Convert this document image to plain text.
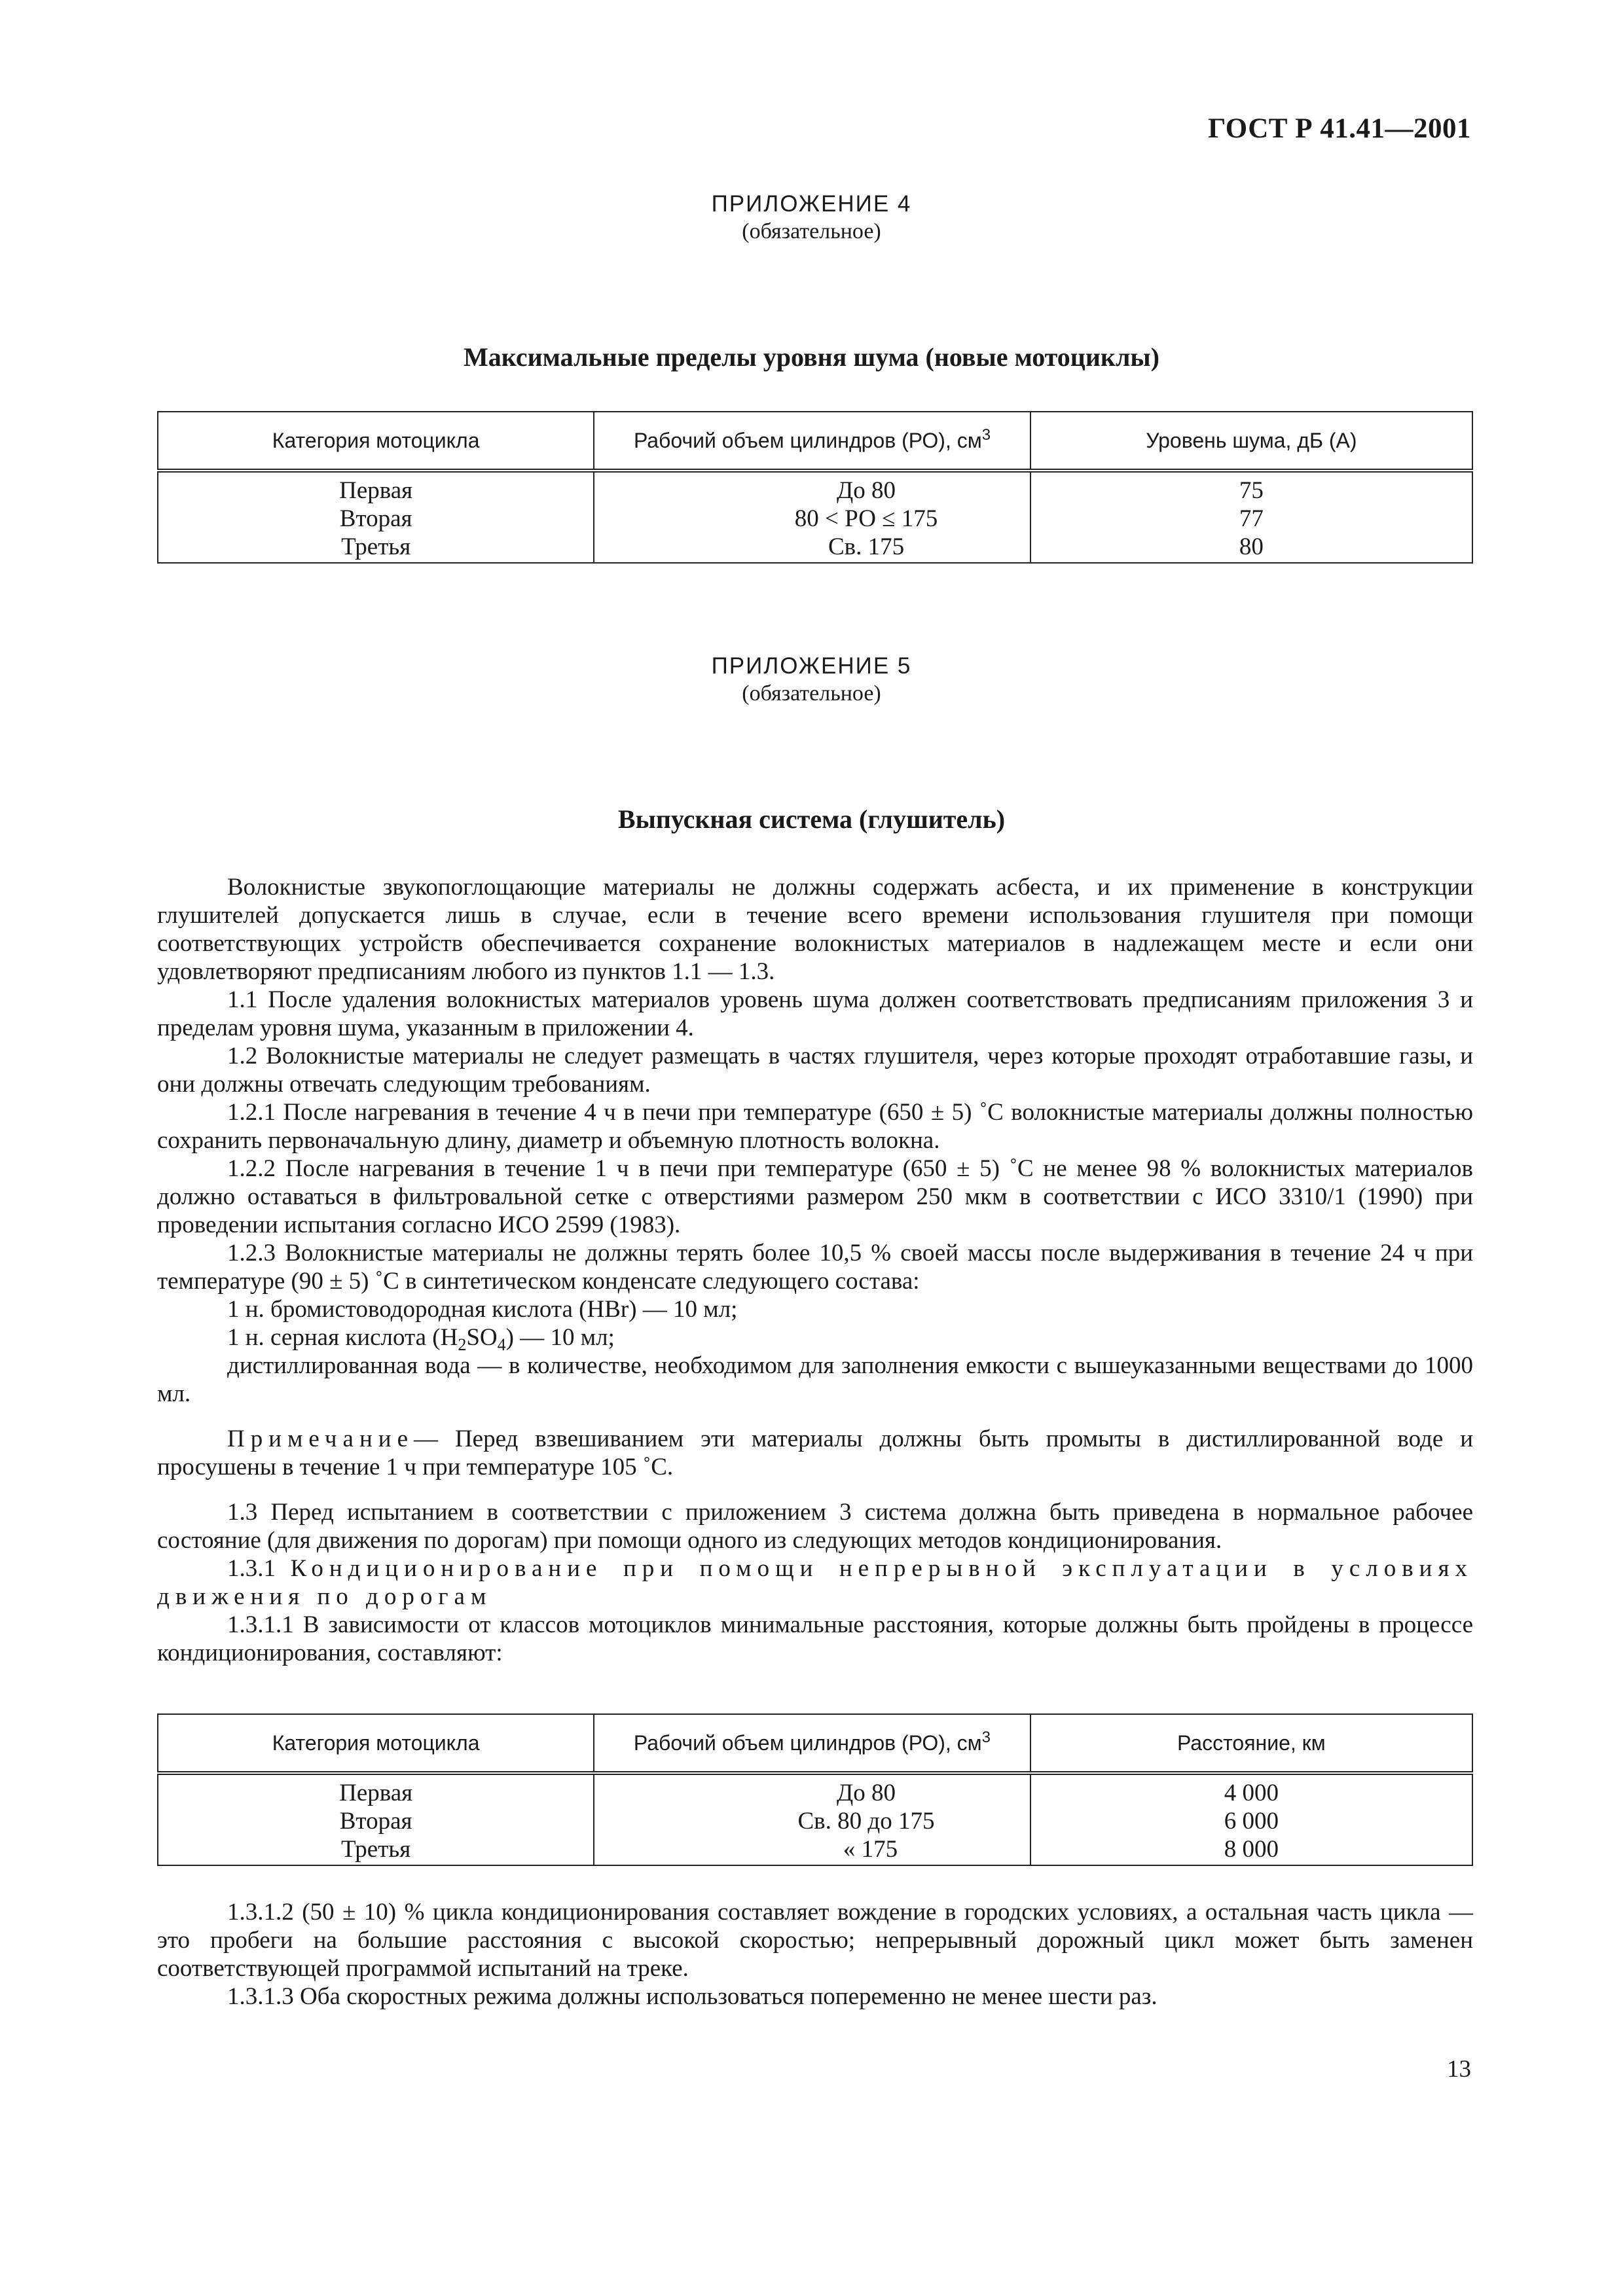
ГОСТ Р 41.41—2001
ПРИЛОЖЕНИЕ 4
(обязательное)
Максимальные пределы уровня шума (новые мотоциклы)
Категория мотоцикла	Рабочий объем цилиндров (РО), $см^3$	Уровень шума, дБ (А)
Первая	До 80	75
Вторая	80 < РО ≤ 175	77
Третья	Св. 175	80
ПРИЛОЖЕНИЕ 5
(обязательное)
Выпускная система (глушитель)

Волокнистые звукопоглощающие материалы не должны содержать асбеста, и их применение в конструкции глушителей допускается лишь в случае, если в течение всего времени использования глушителя при помощи соответствующих устройств обеспечивается сохранение волокнистых материалов в надлежащем месте и если они удовлетворяют предписаниям любого из пунктов 1.1 — 1.3.

1.1 После удаления волокнистых материалов уровень шума должен соответствовать предписаниям приложения 3 и пределам уровня шума, указанным в приложении 4.

1.2 Волокнистые материалы не следует размещать в частях глушителя, через которые проходят отработавшие газы, и они должны отвечать следующим требованиям.

1.2.1 После нагревания в течение 4 ч в печи при температуре (650 ± 5) ˚С волокнистые материалы должны полностью сохранить первоначальную длину, диаметр и объемную плотность волокна.

1.2.2 После нагревания в течение 1 ч в печи при температуре (650 ± 5) ˚С не менее 98 % волокнистых материалов должно оставаться в фильтровальной сетке с отверстиями размером 250 мкм в соответствии с ИСО 3310/1 (1990) при проведении испытания согласно ИСО 2599 (1983).

1.2.3 Волокнистые материалы не должны терять более 10,5 % своей массы после выдерживания в течение 24 ч при температуре (90 ± 5) ˚С в синтетическом конденсате следующего состава:

1 н. бромистоводородная кислота (HBr) — 10 мл;

1 н. серная кислота $(H_2SO_4)$ — 10 мл;

дистиллированная вода — в количестве, необходимом для заполнения емкости с вышеуказанными веществами до 1000 мл.

Примечание— Перед взвешиванием эти материалы должны быть промыты в дистиллированной воде и просушены в течение 1 ч при температуре 105 ˚С.

1.3 Перед испытанием в соответствии с приложением 3 система должна быть приведена в нормальное рабочее состояние (для движения по дорогам) при помощи одного из следующих методов кондиционирования.

1.3.1 Кондиционирование при помощи непрерывной эксплуатации в условиях движения по дорогам

1.3.1.1 В зависимости от классов мотоциклов минимальные расстояния, которые должны быть пройдены в процессе кондиционирования, составляют:

Категория мотоцикла	Рабочий объем цилиндров (РО), $см^3$	Расстояние, км
Первая	До 80	4 000
Вторая	Св. 80 до 175	6 000
Третья	« 175	8 000

1.3.1.2 (50 ± 10) % цикла кондиционирования составляет вождение в городских условиях, а остальная часть цикла — это пробеги на большие расстояния с высокой скоростью; непрерывный дорожный цикл может быть заменен соответствующей программой испытаний на треке.

1.3.1.3 Оба скоростных режима должны использоваться попеременно не менее шести раз.

13
